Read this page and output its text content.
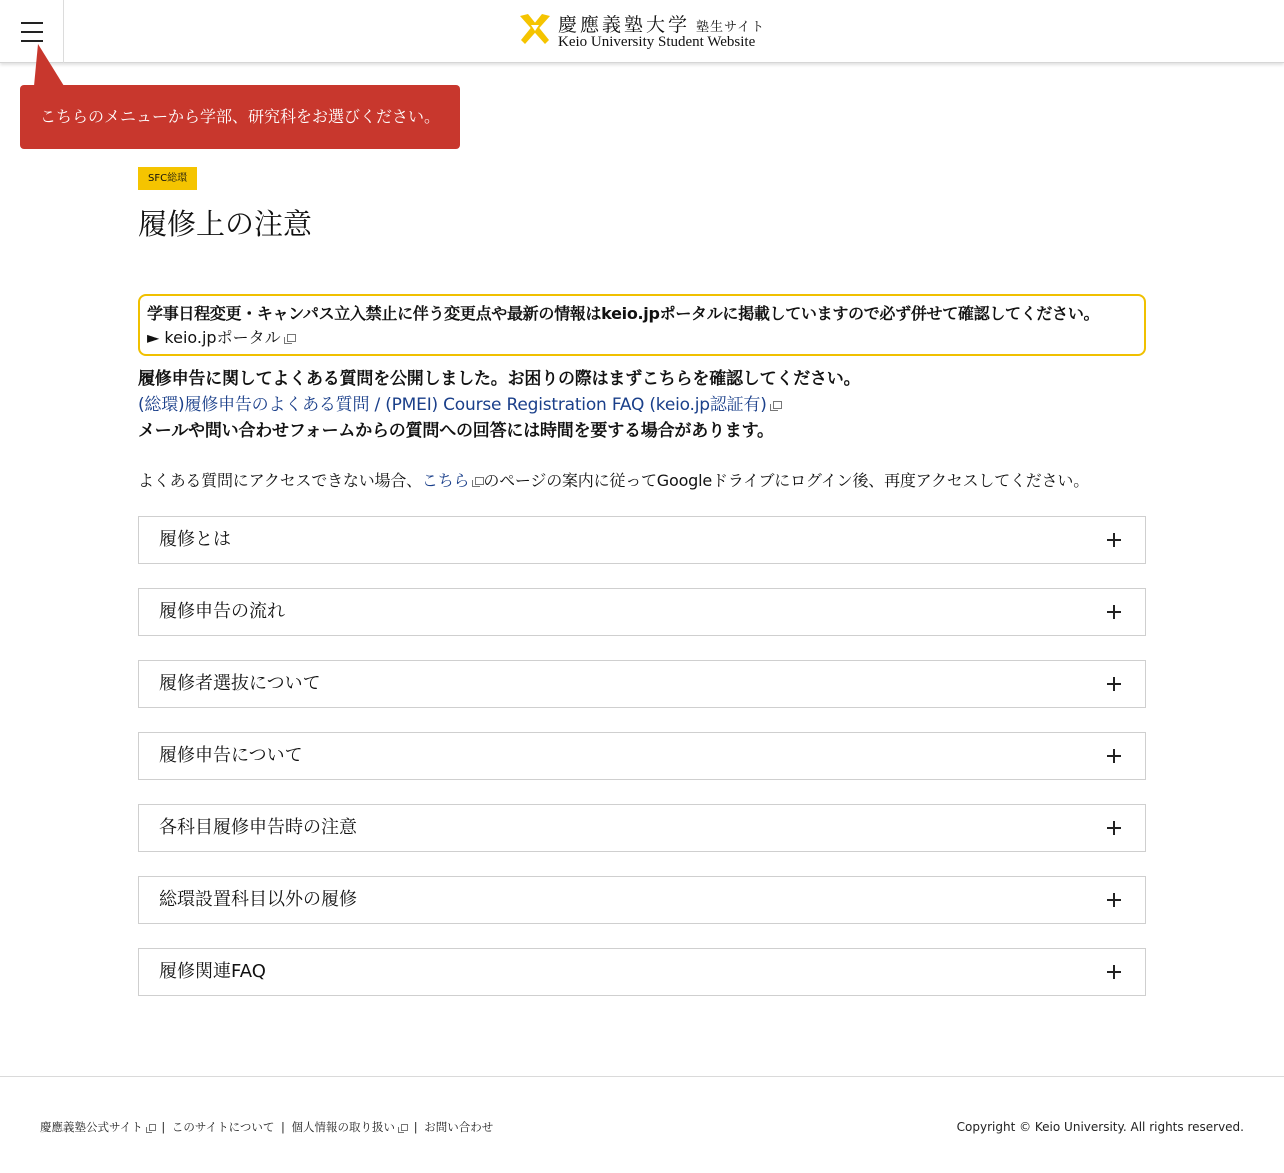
慶應義塾大学 塾生サイト
Keio University Student Website
こちらのメニューから学部、研究科をお選びください。
SFC総環
履修上の注意
学事日程変更・キャンパス立入禁止に伴う変更点や最新の情報はkeio.jpポータルに掲載していますので必ず併せて確認してください。
► keio.jpポータル
履修申告に関してよくある質問を公開しました。お困りの際はまずこちらを確認してください。
(総環)履修申告のよくある質問 / (PMEI) Course Registration FAQ (keio.jp認証有)
メールや問い合わせフォームからの質問への回答には時間を要する場合があります。
よくある質問にアクセスできない場合、こちら のページの案内に従ってGoogleドライブにログイン後、再度アクセスしてください。
履修とは
履修申告の流れ
履修者選抜について
履修申告について
各科目履修申告時の注意
総環設置科目以外の履修
履修関連FAQ
慶應義塾公式サイト | このサイトについて | 個人情報の取り扱い | お問い合わせ	Copyright © Keio University. All rights reserved.
